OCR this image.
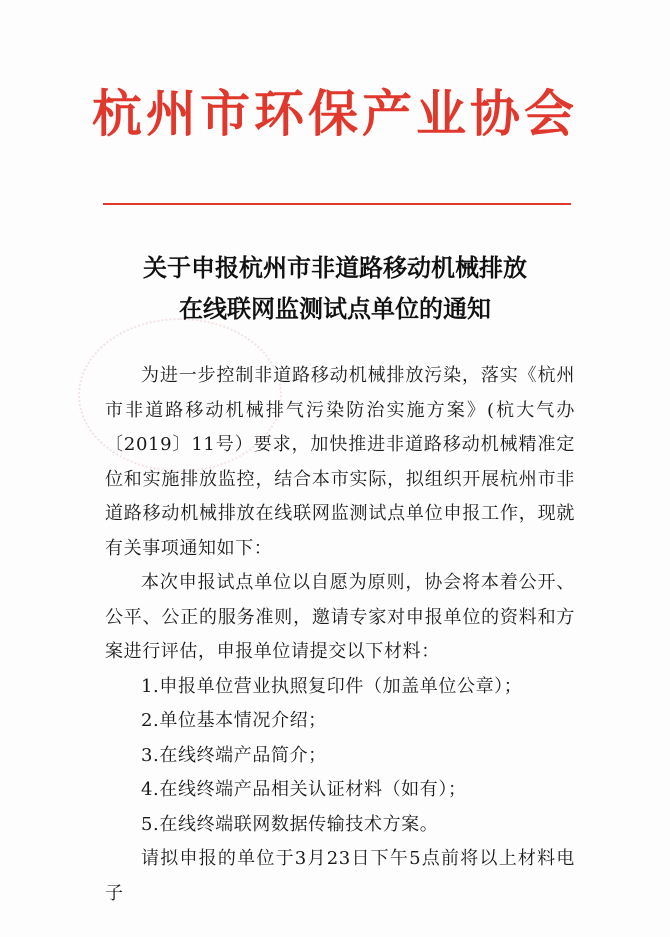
杭州市环保产业协会
关于申报杭州市非道路移动机械排放
在线联网监测试点单位的通知

为进一步控制非道路移动机械排放污染，落实《杭州市非道路移动机械排气污染防治实施方案》(杭大气办〔2019〕11号）要求，加快推进非道路移动机械精准定位和实施排放监控，结合本市实际，拟组织开展杭州市非道路移动机械排放在线联网监测试点单位申报工作，现就有关事项通知如下：

本次申报试点单位以自愿为原则，协会将本着公开、公平、公正的服务准则，邀请专家对申报单位的资料和方案进行评估，申报单位请提交以下材料：

1.申报单位营业执照复印件（加盖单位公章）；

2.单位基本情况介绍；

3.在线终端产品简介；

4.在线终端产品相关认证材料（如有）；

5.在线终端联网数据传输技术方案。

请拟申报的单位于3月23日下午5点前将以上材料电子
